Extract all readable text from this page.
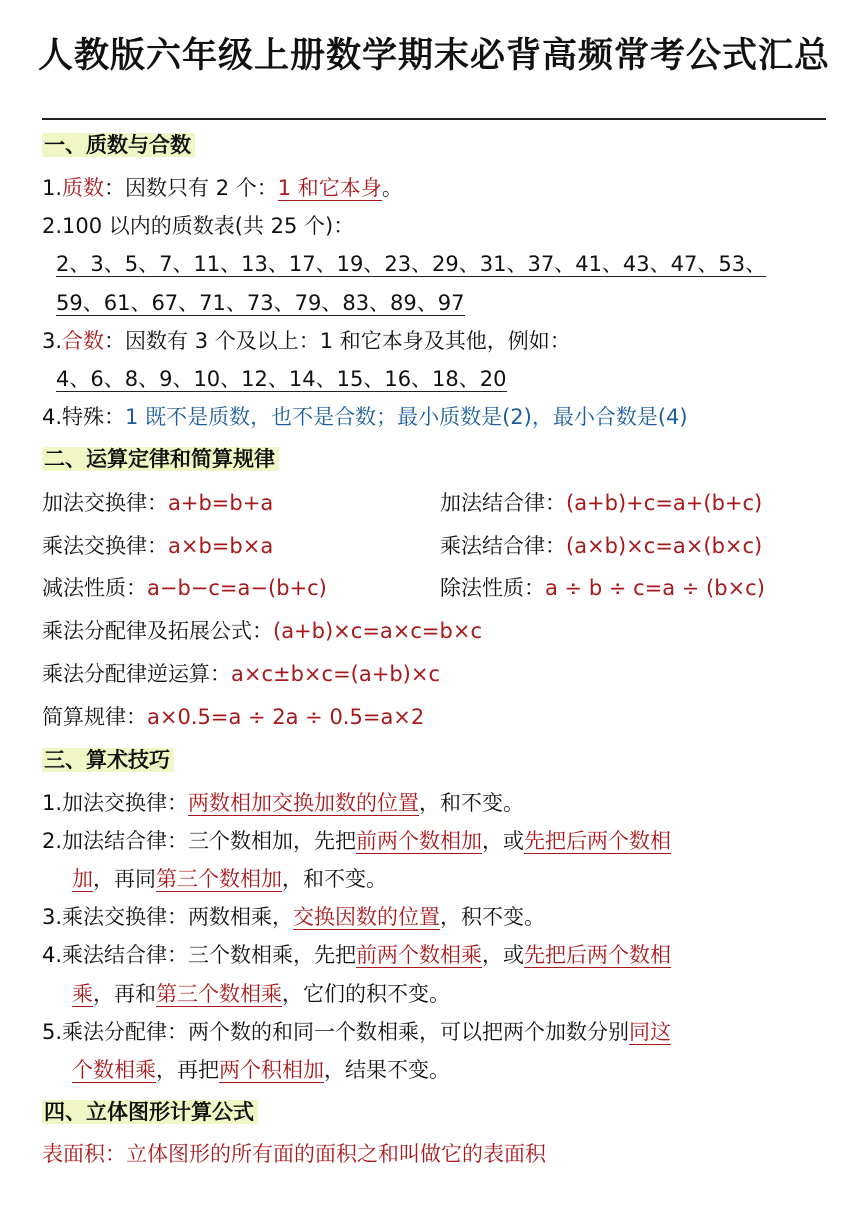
人教版六年级上册数学期末必背高频常考公式汇总
一、质数与合数
1.质数：因数只有 2 个：1 和它本身。
2.100 以内的质数表(共 25 个)：
2、3、5、7、11、13、17、19、23、29、31、37、41、43、47、53、
59、61、67、71、73、79、83、89、97
3.合数：因数有 3 个及以上：1 和它本身及其他，例如：
4、6、8、9、10、12、14、15、16、18、20
4.特殊：1 既不是质数，也不是合数；最小质数是(2)，最小合数是(4)
二、运算定律和简算规律
加法交换律：a+b=b+a	加法结合律：(a+b)+c=a+(b+c)
乘法交换律：a×b=b×a	乘法结合律：(a×b)×c=a×(b×c)
减法性质：a−b−c=a−(b+c)	除法性质：a ÷ b ÷ c=a ÷ (b×c)
乘法分配律及拓展公式：(a+b)×c=a×c=b×c
乘法分配律逆运算：a×c±b×c=(a+b)×c
简算规律：a×0.5=a ÷ 2a ÷ 0.5=a×2
三、算术技巧
1.加法交换律：两数相加交换加数的位置，和不变。
2.加法结合律：三个数相加，先把前两个数相加，或先把后两个数相
加，再同第三个数相加，和不变。
3.乘法交换律：两数相乘，交换因数的位置，积不变。
4.乘法结合律：三个数相乘，先把前两个数相乘，或先把后两个数相
乘，再和第三个数相乘，它们的积不变。
5.乘法分配律：两个数的和同一个数相乘，可以把两个加数分别同这
个数相乘，再把两个积相加，结果不变。
四、立体图形计算公式
表面积：立体图形的所有面的面积之和叫做它的表面积
